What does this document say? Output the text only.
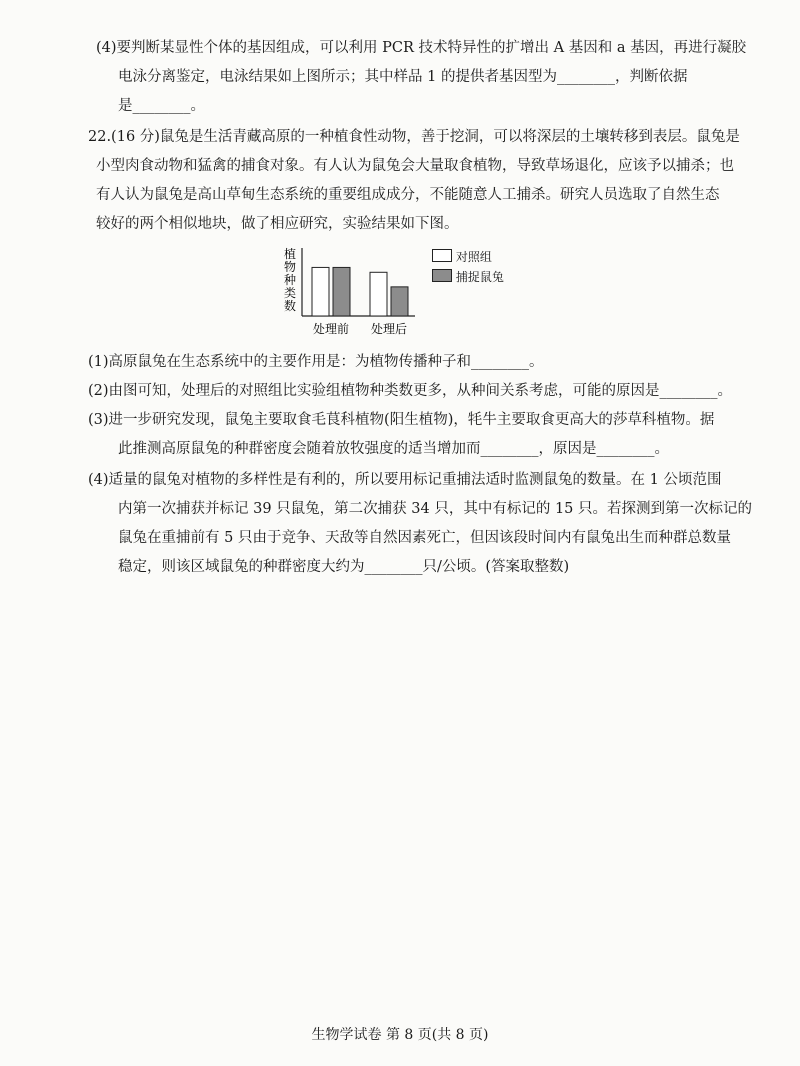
(4)要判断某显性个体的基因组成，可以利用 PCR 技术特异性的扩增出 A 基因和 a 基因，再进行凝胶
电泳分离鉴定，电泳结果如上图所示；其中样品 1 的提供者基因型为________，判断依据
是________。
22.(16 分)鼠兔是生活青藏高原的一种植食性动物，善于挖洞，可以将深层的土壤转移到表层。鼠兔是
小型肉食动物和猛禽的捕食对象。有人认为鼠兔会大量取食植物，导致草场退化，应该予以捕杀；也
有人认为鼠兔是高山草甸生态系统的重要组成成分，不能随意人工捕杀。研究人员选取了自然生态
较好的两个相似地块，做了相应研究，实验结果如下图。
植物种类数
处理前 处理后
对照组
捕捉鼠兔
(1)高原鼠兔在生态系统中的主要作用是：为植物传播种子和________。
(2)由图可知，处理后的对照组比实验组植物种类数更多，从种间关系考虑，可能的原因是________。
(3)进一步研究发现，鼠兔主要取食毛茛科植物(阳生植物)，牦牛主要取食更高大的莎草科植物。据
此推测高原鼠兔的种群密度会随着放牧强度的适当增加而________，原因是________。
(4)适量的鼠兔对植物的多样性是有利的，所以要用标记重捕法适时监测鼠兔的数量。在 1 公顷范围
内第一次捕获并标记 39 只鼠兔，第二次捕获 34 只，其中有标记的 15 只。若探测到第一次标记的
鼠兔在重捕前有 5 只由于竞争、天敌等自然因素死亡，但因该段时间内有鼠兔出生而种群总数量
稳定，则该区域鼠兔的种群密度大约为________只/公顷。(答案取整数)
生物学试卷 第 8 页(共 8 页)
